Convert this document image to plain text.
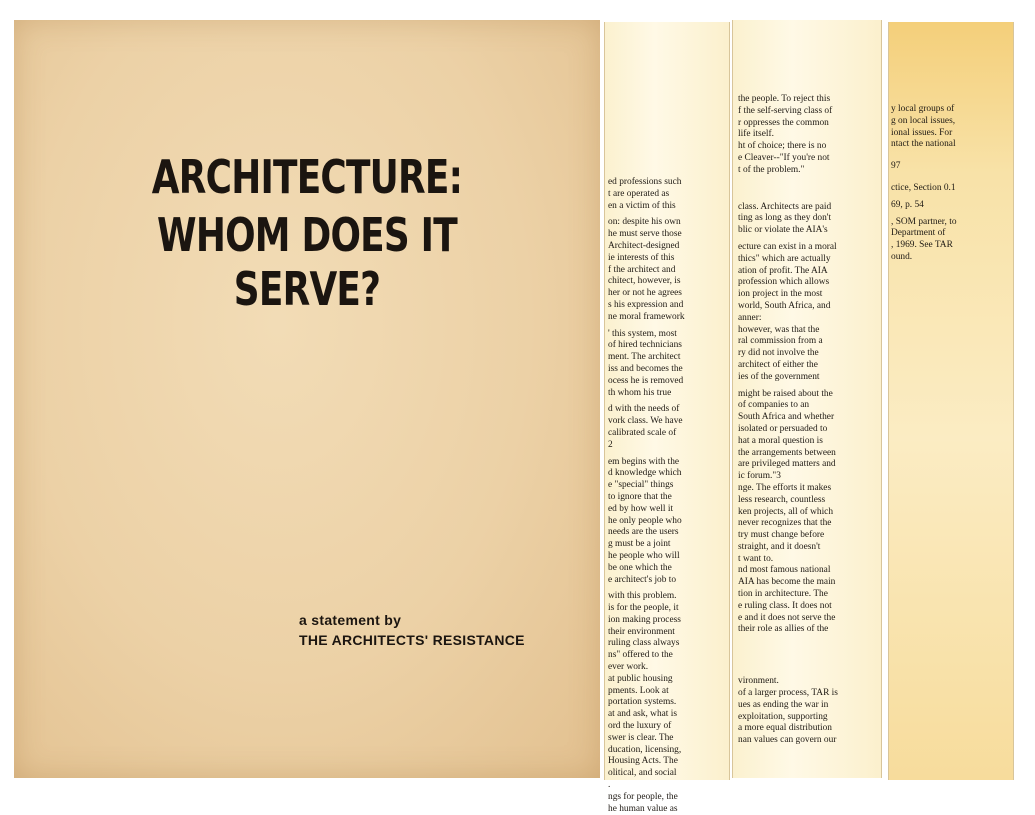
ARCHITECTURE:
WHOM DOES IT SERVE?
a statement by
THE ARCHITECTS' RESISTANCE
ed professions such
t are operated as
en a victim of this
on: despite his own
he must serve those
Architect-designed
ie interests of this
f the architect and
chitect, however, is
her or not he agrees
s his expression and
ne moral framework
' this system, most
of hired technicians
ment. The architect
iss and becomes the
ocess he is removed
th whom his true
d with the needs of
vork class. We have
calibrated scale of
2
em begins with the
d knowledge which
e "special" things
to ignore that the
ed by how well it
he only people who
needs are the users
g must be a joint
he people who will
be one which the
e architect's job to
with this problem.
is for the people, it
ion making process
their environment
ruling class always
ns" offered to the
ever work.
at public housing
pments. Look at
portation systems.
at and ask, what is
ord the luxury of
swer is clear. The
ducation, licensing,
Housing Acts. The
olitical, and social
.
ngs for people, the
he human value as
the people. To reject this
f the self-serving class of
r oppresses the common
life itself.
ht of choice; there is no
e Cleaver--"If you're not
t of the problem."
class. Architects are paid
ting as long as they don't
blic or violate the AIA's
ecture can exist in a moral
thics" which are actually
ation of profit. The AIA
profession which allows
ion project in the most
world, South Africa, and
anner:
however, was that the
ral commission from a
ry did not involve the
architect of either the
ies of the government
might be raised about the
of companies to an
South Africa and whether
isolated or persuaded to
hat a moral question is
the arrangements between
are privileged matters and
ic forum."3
nge. The efforts it makes
less research, countless
ken projects, all of which
never recognizes that the
try must change before
straight, and it doesn't
t want to.
nd most famous national
AIA has become the main
tion in architecture. The
e ruling class. It does not
e and it does not serve the
their role as allies of the
vironment.
of a larger process, TAR is
ues as ending the war in
exploitation, supporting
a more equal distribution
nan values can govern our
y local groups of
g on local issues,
ional issues. For
ntact the national
97
ctice, Section 0.1
69, p. 54
, SOM partner, to
Department of
, 1969. See TAR
ound.
